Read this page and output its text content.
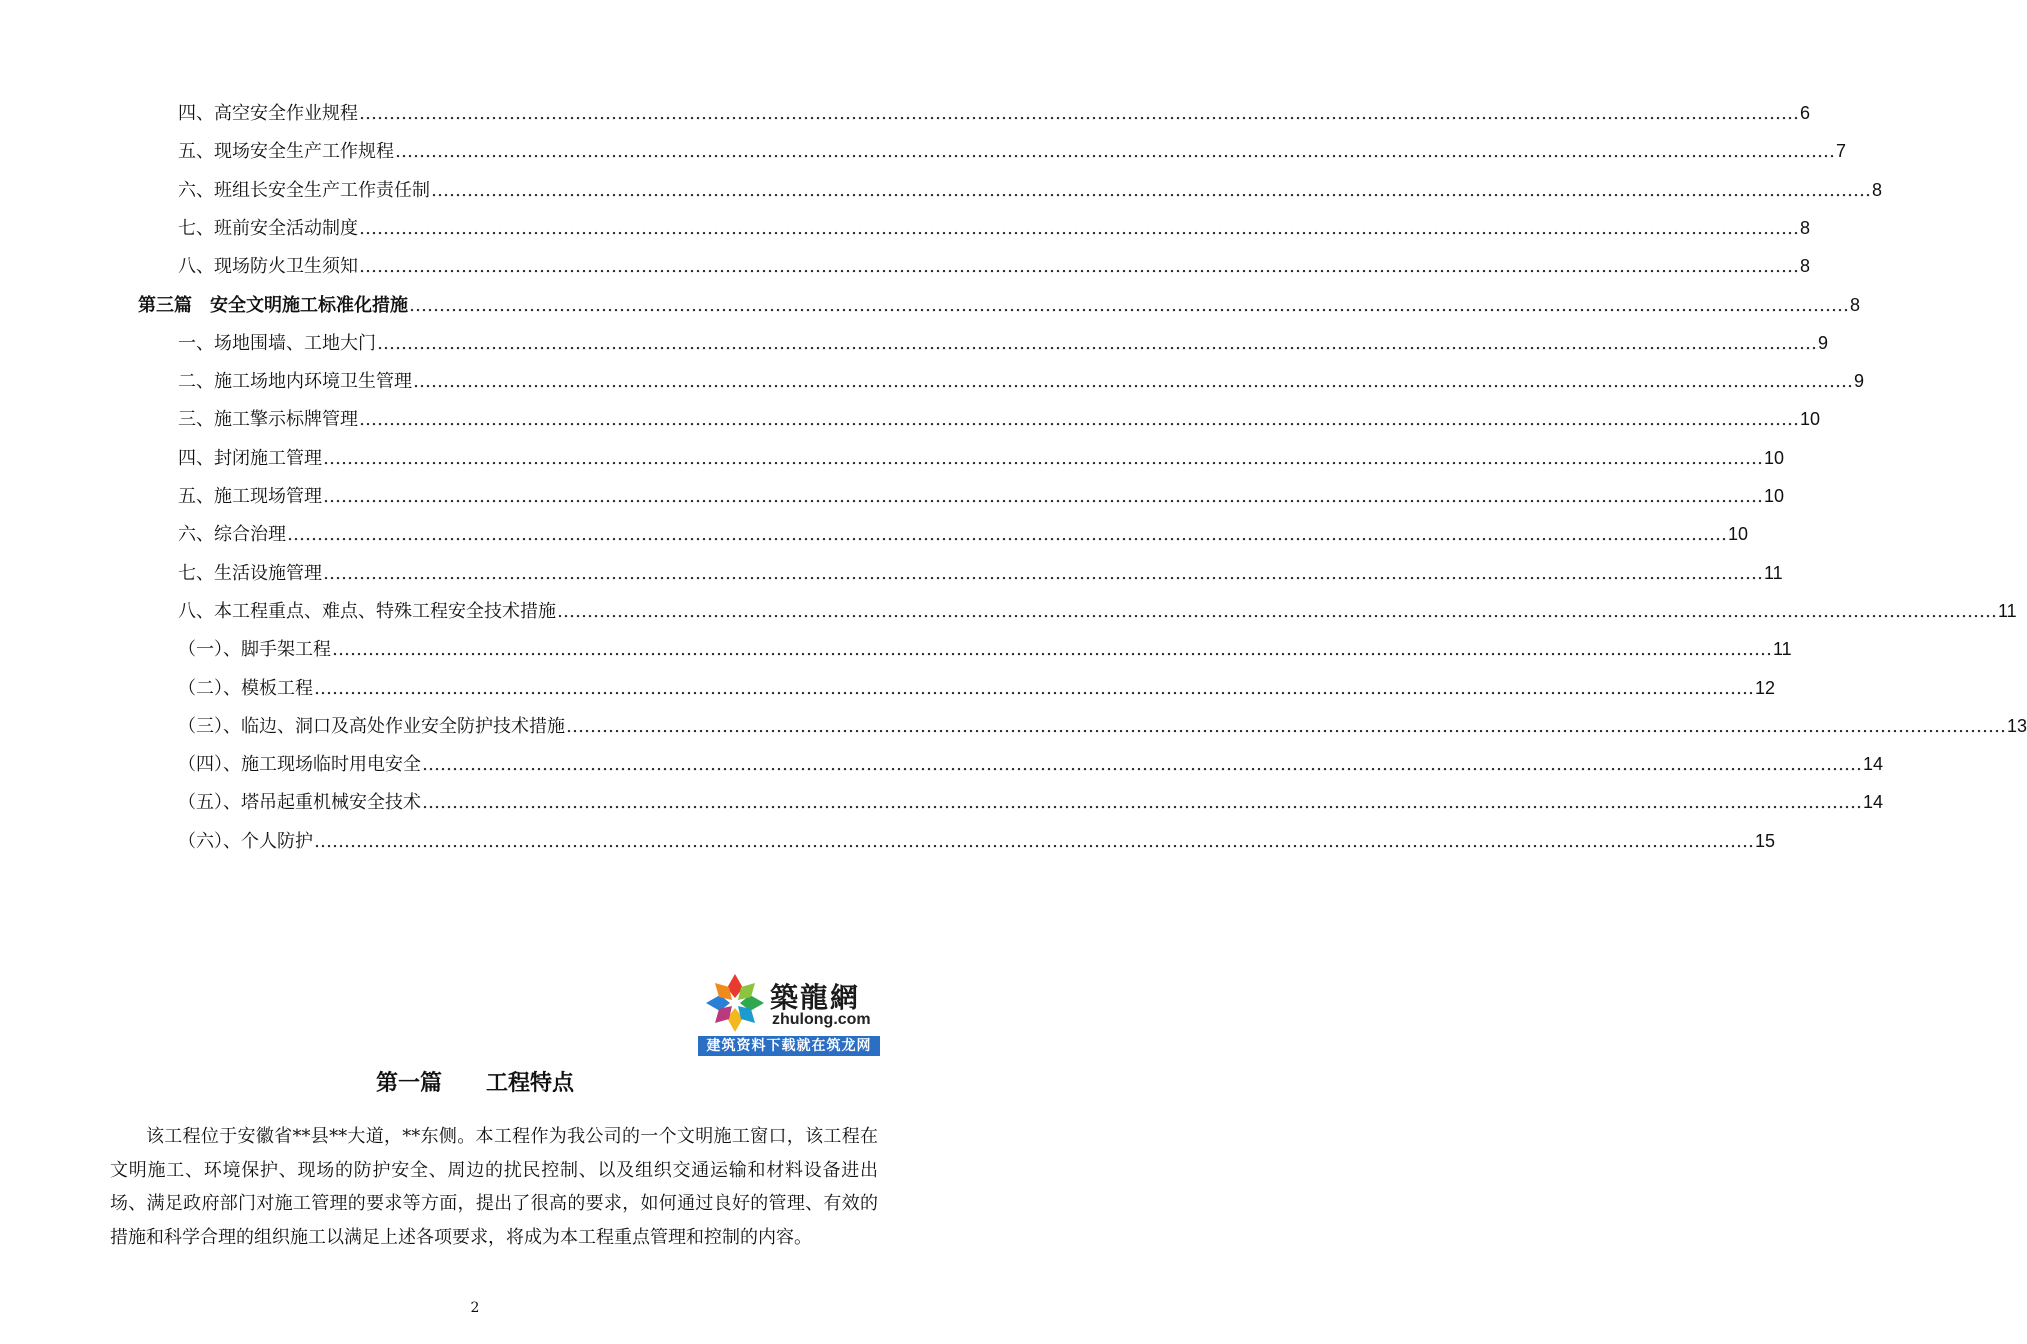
四、高空安全作业规程 …………………………………………………………………………………………………………………………………………………………………………………………………………………… 6
五、现场安全生产工作规程 …………………………………………………………………………………………………………………………………………………………………………………………………………………… 7
六、班组长安全生产工作责任制 …………………………………………………………………………………………………………………………………………………………………………………………………………………… 8
七、班前安全活动制度 …………………………………………………………………………………………………………………………………………………………………………………………………………………… 8
八、现场防火卫生须知 …………………………………………………………………………………………………………………………………………………………………………………………………………………… 8
第三篇　安全文明施工标准化措施 …………………………………………………………………………………………………………………………………………………………………………………………………………………… 8
一、场地围墙、工地大门 …………………………………………………………………………………………………………………………………………………………………………………………………………………… 9
二、施工场地内环境卫生管理 …………………………………………………………………………………………………………………………………………………………………………………………………………………… 9
三、施工擎示标牌管理 …………………………………………………………………………………………………………………………………………………………………………………………………………………… 10
四、封闭施工管理 …………………………………………………………………………………………………………………………………………………………………………………………………………………… 10
五、施工现场管理 …………………………………………………………………………………………………………………………………………………………………………………………………………………… 10
六、综合治理 …………………………………………………………………………………………………………………………………………………………………………………………………………………… 10
七、生活设施管理 …………………………………………………………………………………………………………………………………………………………………………………………………………………… 11
八、本工程重点、难点、特殊工程安全技术措施 …………………………………………………………………………………………………………………………………………………………………………………………………………………… 11
（一）、脚手架工程 …………………………………………………………………………………………………………………………………………………………………………………………………………………… 11
（二）、模板工程 …………………………………………………………………………………………………………………………………………………………………………………………………………………… 12
（三）、临边、洞口及高处作业安全防护技术措施 …………………………………………………………………………………………………………………………………………………………………………………………………………………… 13
（四）、施工现场临时用电安全 …………………………………………………………………………………………………………………………………………………………………………………………………………………… 14
（五）、塔吊起重机械安全技术 …………………………………………………………………………………………………………………………………………………………………………………………………………………… 14
（六）、个人防护 …………………………………………………………………………………………………………………………………………………………………………………………………………………… 15
築龍網
zhulong.com
建筑资料下载就在筑龙网
第一篇　　工程特点
该工程位于安徽省**县**大道，**东侧。本工程作为我公司的一个文明施工窗口，该工程在文明施工、环境保护、现场的防护安全、周边的扰民控制、以及组织交通运输和材料设备进出场、满足政府部门对施工管理的要求等方面，提出了很高的要求，如何通过良好的管理、有效的措施和科学合理的组织施工以满足上述各项要求，将成为本工程重点管理和控制的内容。
2
